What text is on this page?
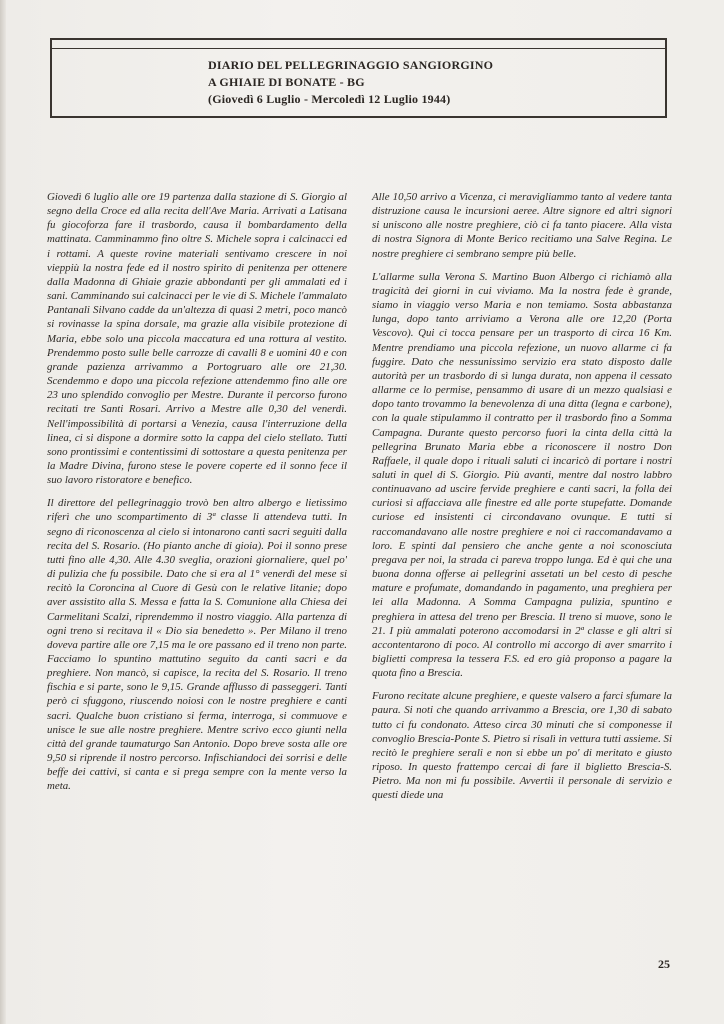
DIARIO DEL PELLEGRINAGGIO SANGIORGINO
A GHIAIE DI BONATE - BG
(Giovedì 6 Luglio - Mercoledì 12 Luglio 1944)

Giovedì 6 luglio alle ore 19 partenza dalla stazione di S. Giorgio al segno della Croce ed alla recita dell'Ave Maria. Arrivati a Latisana fu giocoforza fare il trasbordo, causa il bombardamento della mattinata. Camminammo fino oltre S. Michele sopra i calcinacci ed i rottami. A queste rovine materiali sentivamo crescere in noi vieppiù la nostra fede ed il nostro spirito di penitenza per ottenere dalla Madonna di Ghiaie grazie abbondanti per gli ammalati ed i sani. Camminando sui calcinacci per le vie di S. Michele l'ammalato Pantanali Silvano cadde da un'altezza di quasi 2 metri, poco mancò si rovinasse la spina dorsale, ma grazie alla visibile protezione di Maria, ebbe solo una piccola maccatura ed una rottura al vestito. Prendemmo posto sulle belle carrozze di cavalli 8 e uomini 40 e con grande pazienza arrivammo a Portogruaro alle ore 21,30. Scendemmo e dopo una piccola refezione attendemmo fino alle ore 23 uno splendido convoglio per Mestre. Durante il percorso furono recitati tre Santi Rosari. Arrivo a Mestre alle 0,30 del venerdì. Nell'impossibilità di portarsi a Venezia, causa l'interruzione della linea, ci si dispone a dormire sotto la cappa del cielo stellato. Tutti sono prontissimi e contentissimi di sottostare a questa penitenza per la Madre Divina, furono stese le povere coperte ed il sonno fece il suo lavoro ristoratore e benefico.

Il direttore del pellegrinaggio trovò ben altro albergo e lietissimo riferì che uno scompartimento di 3ª classe li attendeva tutti. In segno di riconoscenza al cielo si intonarono canti sacri seguiti dalla recita del S. Rosario. (Ho pianto anche di gioia). Poi il sonno prese tutti fino alle 4,30. Alle 4.30 sveglia, orazioni giornaliere, quel po' di pulizia che fu possibile. Dato che si era al 1° venerdì del mese si recitò la Coroncina al Cuore di Gesù con le relative litanie; dopo aver assistito alla S. Messa e fatta la S. Comunione alla Chiesa dei Carmelitani Scalzi, riprendemmo il nostro viaggio. Alla partenza di ogni treno si recitava il « Dio sia benedetto ». Per Milano il treno doveva partire alle ore 7,15 ma le ore passano ed il treno non parte. Facciamo lo spuntino mattutino seguito da canti sacri e da preghiere. Non mancò, si capisce, la recita del S. Rosario. Il treno fischia e si parte, sono le 9,15. Grande afflusso di passeggeri. Tanti però ci sfuggono, riuscendo noiosi con le nostre preghiere e canti sacri. Qualche buon cristiano si ferma, interroga, si commuove e unisce le sue alle nostre preghiere. Mentre scrivo ecco giunti nella città del grande taumaturgo San Antonio. Dopo breve sosta alle ore 9,50 si riprende il nostro percorso. Infischiandoci dei sorrisi e delle beffe dei cattivi, si canta e si prega sempre con la mente verso la meta.

Alle 10,50 arrivo a Vicenza, ci meravigliammo tanto al vedere tanta distruzione causa le incursioni aeree. Altre signore ed altri signori si uniscono alle nostre preghiere, ciò ci fa tanto piacere. Alla vista di nostra Signora di Monte Berico recitiamo una Salve Regina. Le nostre preghiere ci sembrano sempre più belle.

L'allarme sulla Verona S. Martino Buon Albergo ci richiamò alla tragicità dei giorni in cui viviamo. Ma la nostra fede è grande, siamo in viaggio verso Maria e non temiamo. Sosta abbastanza lunga, dopo tanto arriviamo a Verona alle ore 12,20 (Porta Vescovo). Qui ci tocca pensare per un trasporto di circa 16 Km. Mentre prendiamo una piccola refezione, un nuovo allarme ci fa fuggire. Dato che nessunissimo servizio era stato disposto dalle autorità per un trasbordo di sì lunga durata, non appena il cessato allarme ce lo permise, pensammo di usare di un mezzo qualsiasi e dopo tanto trovammo la benevolenza di una ditta (legna e carbone), con la quale stipulammo il contratto per il trasbordo fino a Somma Campagna. Durante questo percorso fuori la cinta della città la pellegrina Brunato Maria ebbe a riconoscere il nostro Don Raffaele, il quale dopo i rituali saluti ci incaricò di portare i nostri saluti in quel di S. Giorgio. Più avanti, mentre dal nostro labbro continuavano ad uscire fervide preghiere e canti sacri, la folla dei curiosi si affacciava alle finestre ed alle porte stupefatte. Domande curiose ed insistenti ci circondavano ovunque. E tutti si raccomandavano alle nostre preghiere e noi ci raccomandavamo a loro. E spinti dal pensiero che anche gente a noi sconosciuta pregava per noi, la strada ci pareva troppo lunga. Ed è qui che una buona donna offerse ai pellegrini assetati un bel cesto di pesche mature e profumate, domandando in pagamento, una preghiera per lei alla Madonna. A Somma Campagna pulizia, spuntino e preghiera in attesa del treno per Brescia. Il treno si muove, sono le 21. I più ammalati poterono accomodarsi in 2ª classe e gli altri si accontentarono di poco. Al controllo mi accorgo di aver smarrito i biglietti compresa la tessera F.S. ed ero già proponso a pagare la quota fino a Brescia.

Furono recitate alcune preghiere, e queste valsero a farci sfumare la paura. Si noti che quando arrivammo a Brescia, ore 1,30 di sabato tutto ci fu condonato. Atteso circa 30 minuti che si componesse il convoglio Brescia-Ponte S. Pietro si risalì in vettura tutti assieme. Si recitò le preghiere serali e non si ebbe un po' di meritato e giusto riposo. In questo frattempo cercai di fare il biglietto Brescia-S. Pietro. Ma non mi fu possibile. Avvertii il personale di servizio e questi diede una

25
